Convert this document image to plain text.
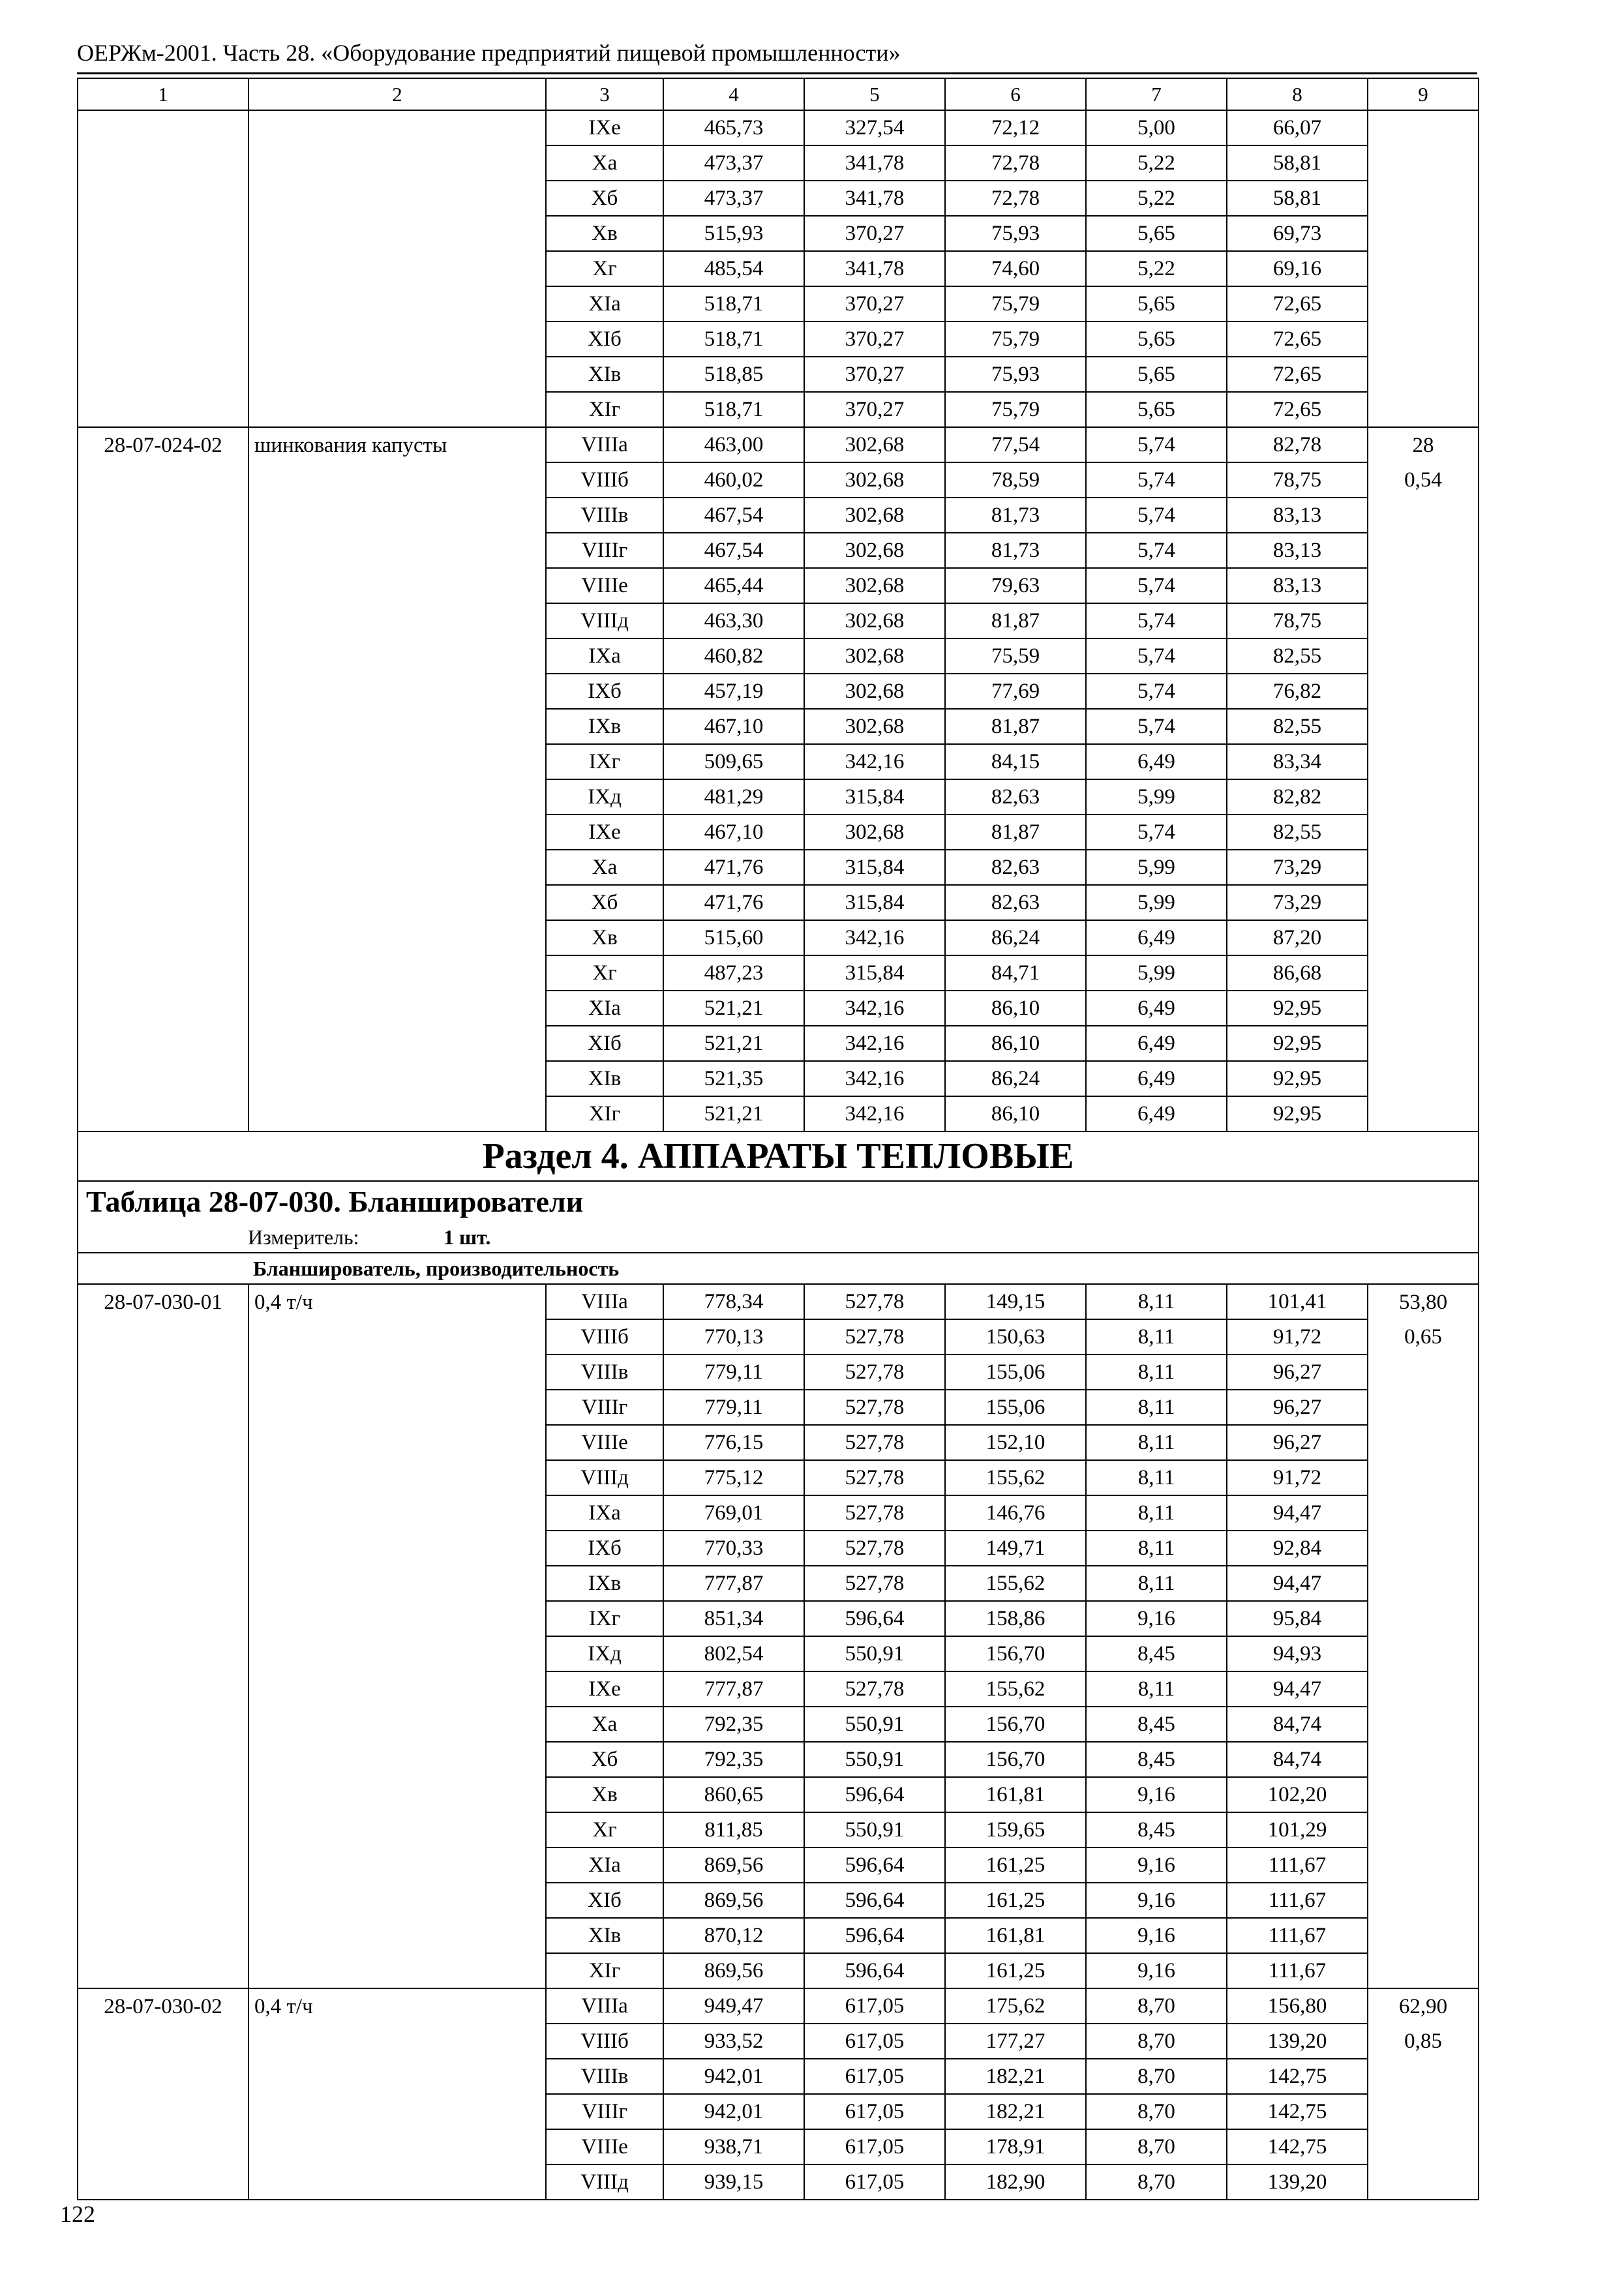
ОЕРЖм-2001. Часть 28. «Оборудование предприятий пищевой промышленности»
1	2	3	4	5	6	7	8	9
		IXе	465,73	327,54	72,12	5,00	66,07	
		Xа	473,37	341,78	72,78	5,22	58,81	
		Xб	473,37	341,78	72,78	5,22	58,81	
		Xв	515,93	370,27	75,93	5,65	69,73	
		Xг	485,54	341,78	74,60	5,22	69,16	
		XIа	518,71	370,27	75,79	5,65	72,65	
		XIб	518,71	370,27	75,79	5,65	72,65	
		XIв	518,85	370,27	75,93	5,65	72,65	
		XIг	518,71	370,27	75,79	5,65	72,65	
28-07-024-02	шинкования капусты	VIIIа	463,00	302,68	77,54	5,74	82,78	28
		VIIIб	460,02	302,68	78,59	5,74	78,75	0,54
		VIIIв	467,54	302,68	81,73	5,74	83,13	
		VIIIг	467,54	302,68	81,73	5,74	83,13	
		VIIIе	465,44	302,68	79,63	5,74	83,13	
		VIIIд	463,30	302,68	81,87	5,74	78,75	
		IXа	460,82	302,68	75,59	5,74	82,55	
		IXб	457,19	302,68	77,69	5,74	76,82	
		IXв	467,10	302,68	81,87	5,74	82,55	
		IXг	509,65	342,16	84,15	6,49	83,34	
		IXд	481,29	315,84	82,63	5,99	82,82	
		IXе	467,10	302,68	81,87	5,74	82,55	
		Xа	471,76	315,84	82,63	5,99	73,29	
		Xб	471,76	315,84	82,63	5,99	73,29	
		Xв	515,60	342,16	86,24	6,49	87,20	
		Xг	487,23	315,84	84,71	5,99	86,68	
		XIа	521,21	342,16	86,10	6,49	92,95	
		XIб	521,21	342,16	86,10	6,49	92,95	
		XIв	521,35	342,16	86,24	6,49	92,95	
		XIг	521,21	342,16	86,10	6,49	92,95	
Раздел 4. АППАРАТЫ ТЕПЛОВЫЕ								
Таблица 28-07-030. Бланширователи								
Измеритель: 1 шт.								
Бланширователь, производительность								
28-07-030-01	0,4 т/ч	VIIIа	778,34	527,78	149,15	8,11	101,41	53,80
		VIIIб	770,13	527,78	150,63	8,11	91,72	0,65
		VIIIв	779,11	527,78	155,06	8,11	96,27	
		VIIIг	779,11	527,78	155,06	8,11	96,27	
		VIIIе	776,15	527,78	152,10	8,11	96,27	
		VIIIд	775,12	527,78	155,62	8,11	91,72	
		IXа	769,01	527,78	146,76	8,11	94,47	
		IXб	770,33	527,78	149,71	8,11	92,84	
		IXв	777,87	527,78	155,62	8,11	94,47	
		IXг	851,34	596,64	158,86	9,16	95,84	
		IXд	802,54	550,91	156,70	8,45	94,93	
		IXе	777,87	527,78	155,62	8,11	94,47	
		Xа	792,35	550,91	156,70	8,45	84,74	
		Xб	792,35	550,91	156,70	8,45	84,74	
		Xв	860,65	596,64	161,81	9,16	102,20	
		Xг	811,85	550,91	159,65	8,45	101,29	
		XIа	869,56	596,64	161,25	9,16	111,67	
		XIб	869,56	596,64	161,25	9,16	111,67	
		XIв	870,12	596,64	161,81	9,16	111,67	
		XIг	869,56	596,64	161,25	9,16	111,67	
28-07-030-02	0,4 т/ч	VIIIа	949,47	617,05	175,62	8,70	156,80	62,90
		VIIIб	933,52	617,05	177,27	8,70	139,20	0,85
		VIIIв	942,01	617,05	182,21	8,70	142,75	
		VIIIг	942,01	617,05	182,21	8,70	142,75	
		VIIIе	938,71	617,05	178,91	8,70	142,75	
		VIIIд	939,15	617,05	182,90	8,70	139,20	
122
